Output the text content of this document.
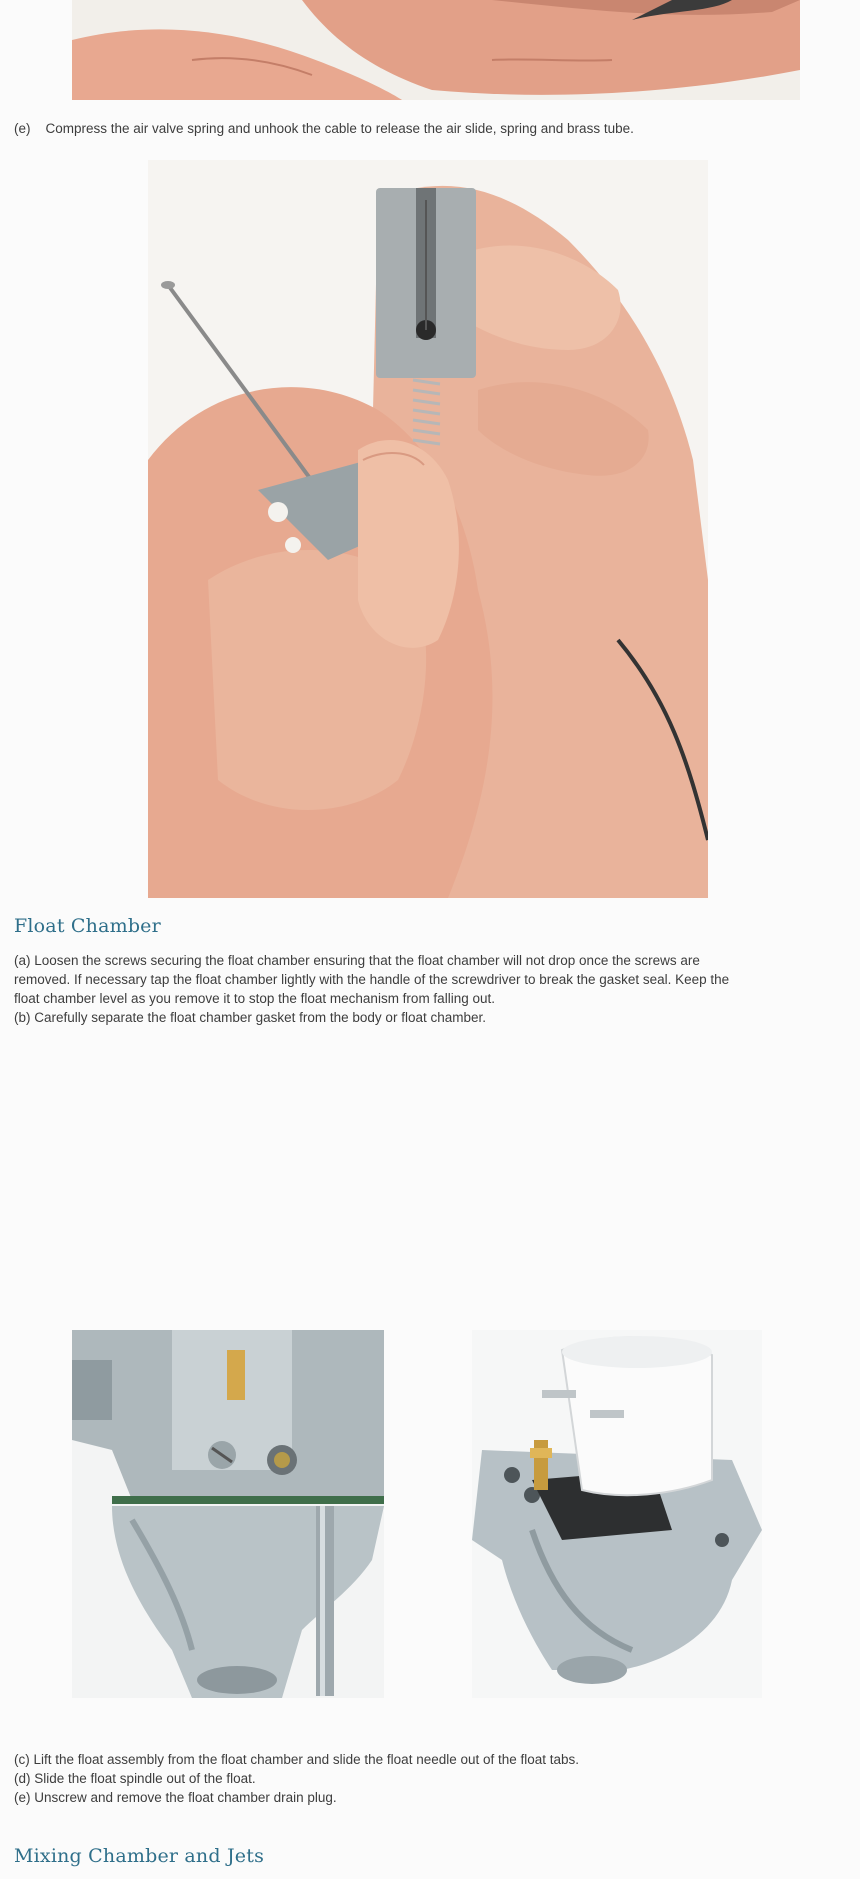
(e)    Compress the air valve spring and unhook the cable to release the air slide, spring and brass tube.
Float Chamber

(a) Loosen the screws securing the float chamber ensuring that the float chamber will not drop once the screws are

removed. If necessary tap the float chamber lightly with the handle of the screwdriver to break the gasket seal. Keep the

float chamber level as you remove it to stop the float mechanism from falling out.

(b) Carefully separate the float chamber gasket from the body or float chamber.

(c) Lift the float assembly from the float chamber and slide the float needle out of the float tabs.

(d) Slide the float spindle out of the float.

(e) Unscrew and remove the float chamber drain plug.

Mixing Chamber and Jets
